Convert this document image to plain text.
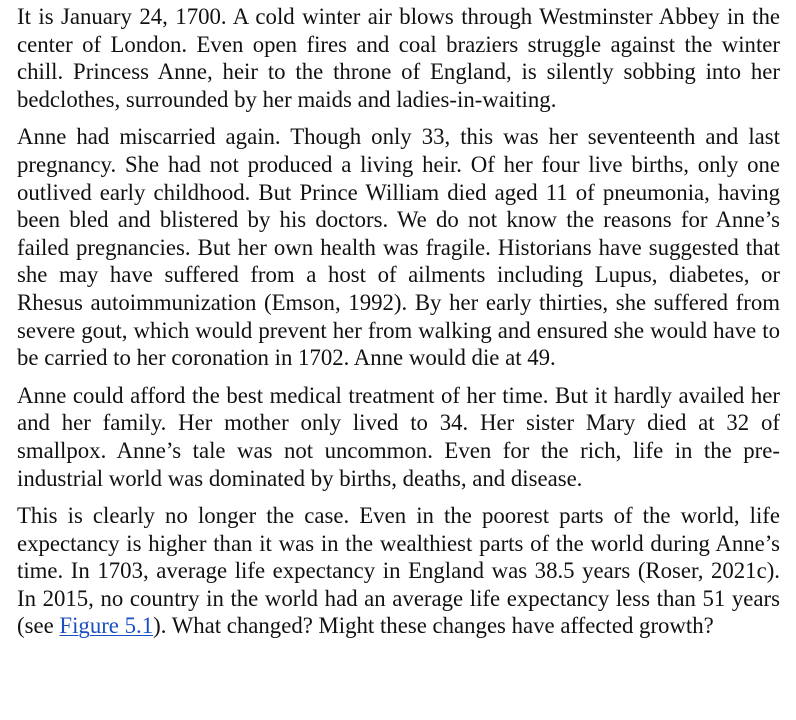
It is January 24, 1700. A cold winter air blows through Westminster Abbey in the center of London. Even open fires and coal braziers struggle against the winter chill. Princess Anne, heir to the throne of England, is silently sobbing into her bedclothes, surrounded by her maids and ladies-in-waiting.

Anne had miscarried again. Though only 33, this was her seventeenth and last pregnancy. She had not produced a living heir. Of her four live births, only one outlived early childhood. But Prince William died aged 11 of pneumonia, having been bled and blistered by his doctors. We do not know the reasons for Anne’s failed pregnancies. But her own health was fragile. Historians have suggested that she may have suffered from a host of ailments including Lupus, diabetes, or Rhesus autoimmunization (Emson, 1992). By her early thirties, she suffered from severe gout, which would prevent her from walking and ensured she would have to be carried to her coronation in 1702. Anne would die at 49.

Anne could afford the best medical treatment of her time. But it hardly availed her and her family. Her mother only lived to 34. Her sister Mary died at 32 of smallpox. Anne’s tale was not uncommon. Even for the rich, life in the pre-industrial world was dominated by births, deaths, and disease.

This is clearly no longer the case. Even in the poorest parts of the world, life expectancy is higher than it was in the wealthiest parts of the world during Anne’s time. In 1703, average life expectancy in England was 38.5 years (Roser, 2021c). In 2015, no country in the world had an average life expectancy less than 51 years (see Figure 5.1). What changed? Might these changes have affected growth?
